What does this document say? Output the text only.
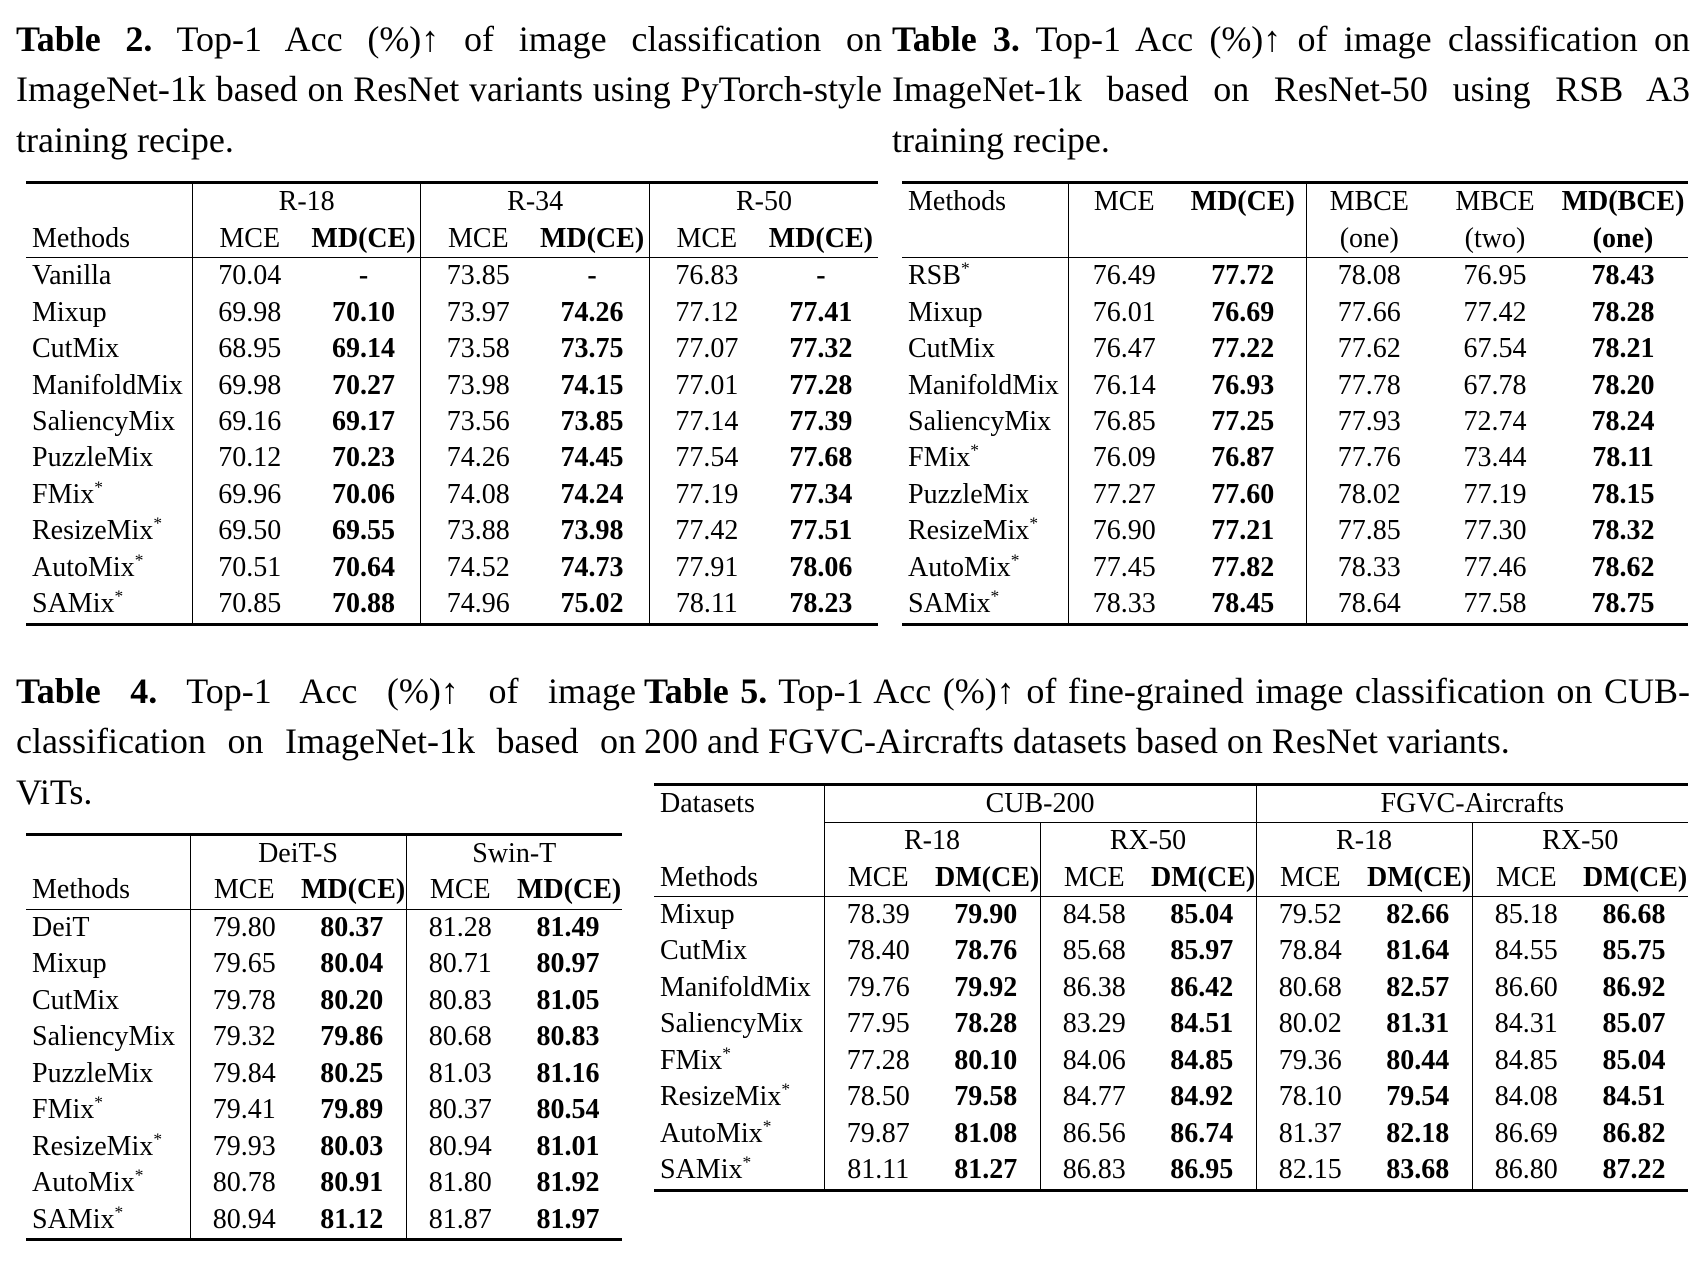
Table 2. Top-1 Acc (%)↑ of image classification on ImageNet-1k based on ResNet variants using PyTorch-style training recipe.

	R-18		R-34		R-50	
Methods	MCE	MD(CE)	MCE	MD(CE)	MCE	MD(CE)
Vanilla	70.04	-	73.85	-	76.83	-
Mixup	69.98	70.10	73.97	74.26	77.12	77.41
CutMix	68.95	69.14	73.58	73.75	77.07	77.32
ManifoldMix	69.98	70.27	73.98	74.15	77.01	77.28
SaliencyMix	69.16	69.17	73.56	73.85	77.14	77.39
PuzzleMix	70.12	70.23	74.26	74.45	77.54	77.68
FMix*	69.96	70.06	74.08	74.24	77.19	77.34
ResizeMix*	69.50	69.55	73.88	73.98	77.42	77.51
AutoMix*	70.51	70.64	74.52	74.73	77.91	78.06
SAMix*	70.85	70.88	74.96	75.02	78.11	78.23

Table 3. Top-1 Acc (%)↑ of image classification on ImageNet-1k based on ResNet-50 using RSB A3 training recipe.

Methods	MCE	MD(CE)	MBCE	MBCE	MD(BCE)
			(one)	(two)	(one)
RSB*	76.49	77.72	78.08	76.95	78.43
Mixup	76.01	76.69	77.66	77.42	78.28
CutMix	76.47	77.22	77.62	67.54	78.21
ManifoldMix	76.14	76.93	77.78	67.78	78.20
SaliencyMix	76.85	77.25	77.93	72.74	78.24
FMix*	76.09	76.87	77.76	73.44	78.11
PuzzleMix	77.27	77.60	78.02	77.19	78.15
ResizeMix*	76.90	77.21	77.85	77.30	78.32
AutoMix*	77.45	77.82	78.33	77.46	78.62
SAMix*	78.33	78.45	78.64	77.58	78.75

Table 4. Top-1 Acc (%)↑ of image classification on ImageNet-1k based on ViTs.

	DeiT-S		Swin-T	
Methods	MCE	MD(CE)	MCE	MD(CE)
DeiT	79.80	80.37	81.28	81.49
Mixup	79.65	80.04	80.71	80.97
CutMix	79.78	80.20	80.83	81.05
SaliencyMix	79.32	79.86	80.68	80.83
PuzzleMix	79.84	80.25	81.03	81.16
FMix*	79.41	79.89	80.37	80.54
ResizeMix*	79.93	80.03	80.94	81.01
AutoMix*	80.78	80.91	81.80	81.92
SAMix*	80.94	81.12	81.87	81.97

Table 5. Top-1 Acc (%)↑ of fine-grained image classification on CUB-200 and FGVC-Aircrafts datasets based on ResNet variants.

Datasets	CUB-200				FGVC-Aircrafts			
	R-18		RX-50		R-18		RX-50	
Methods	MCE	DM(CE)	MCE	DM(CE)	MCE	DM(CE)	MCE	DM(CE)
Mixup	78.39	79.90	84.58	85.04	79.52	82.66	85.18	86.68
CutMix	78.40	78.76	85.68	85.97	78.84	81.64	84.55	85.75
ManifoldMix	79.76	79.92	86.38	86.42	80.68	82.57	86.60	86.92
SaliencyMix	77.95	78.28	83.29	84.51	80.02	81.31	84.31	85.07
FMix*	77.28	80.10	84.06	84.85	79.36	80.44	84.85	85.04
ResizeMix*	78.50	79.58	84.77	84.92	78.10	79.54	84.08	84.51
AutoMix*	79.87	81.08	86.56	86.74	81.37	82.18	86.69	86.82
SAMix*	81.11	81.27	86.83	86.95	82.15	83.68	86.80	87.22
